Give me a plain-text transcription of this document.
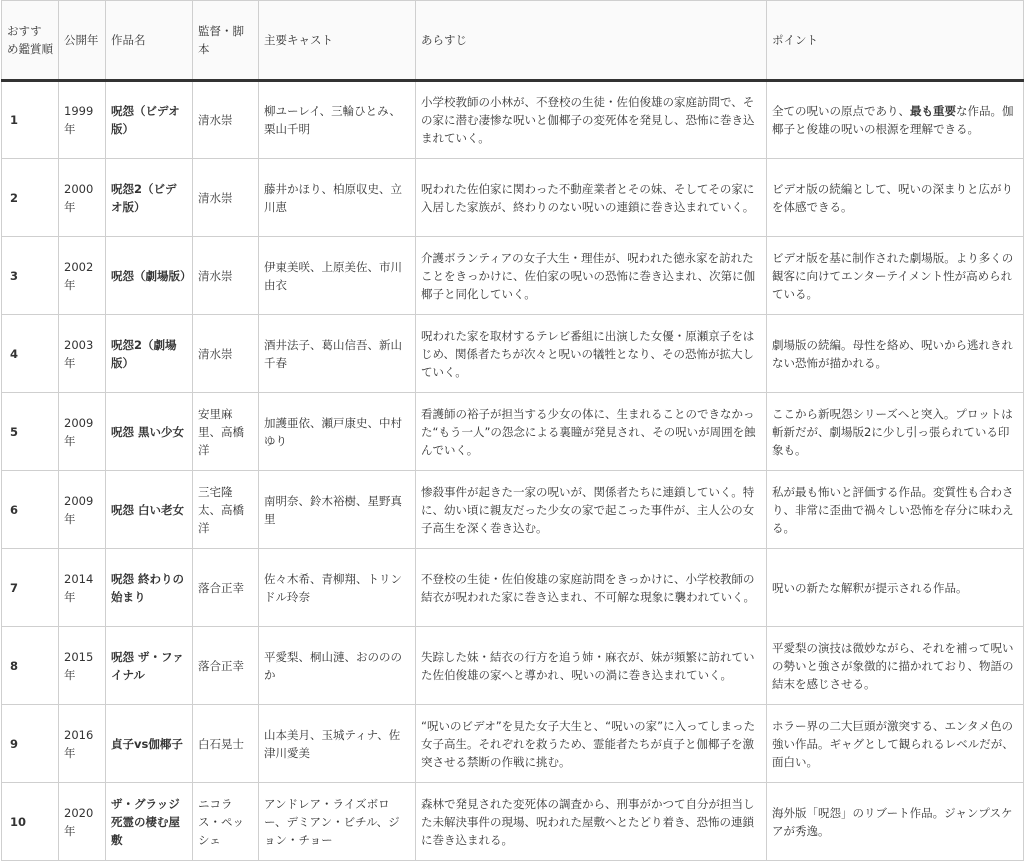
おすすめ鑑賞順	公開年	作品名	監督・脚本	主要キャスト	あらすじ	ポイント
1	1999年	呪怨（ビデオ版）	清水崇	柳ユーレイ、三輪ひとみ、栗山千明	小学校教師の小林が、不登校の生徒・佐伯俊雄の家庭訪問で、その家に潜む凄惨な呪いと伽椰子の変死体を発見し、恐怖に巻き込まれていく。	全ての呪いの原点であり、最も重要な作品。伽椰子と俊雄の呪いの根源を理解できる。
2	2000年	呪怨2（ビデオ版）	清水崇	藤井かほり、柏原収史、立川恵	呪われた佐伯家に関わった不動産業者とその妹、そしてその家に入居した家族が、終わりのない呪いの連鎖に巻き込まれていく。	ビデオ版の続編として、呪いの深まりと広がりを体感できる。
3	2002年	呪怨（劇場版）	清水崇	伊東美咲、上原美佐、市川由衣	介護ボランティアの女子大生・理佳が、呪われた徳永家を訪れたことをきっかけに、佐伯家の呪いの恐怖に巻き込まれ、次第に伽椰子と同化していく。	ビデオ版を基に制作された劇場版。より多くの観客に向けてエンターテイメント性が高められている。
4	2003年	呪怨2（劇場版）	清水崇	酒井法子、葛山信吾、新山千春	呪われた家を取材するテレビ番組に出演した女優・原瀬京子をはじめ、関係者たちが次々と呪いの犠牲となり、その恐怖が拡大していく。	劇場版の続編。母性を絡め、呪いから逃れきれない恐怖が描かれる。
5	2009年	呪怨 黒い少女	安里麻里、高橋洋	加護亜依、瀬戸康史、中村ゆり	看護師の裕子が担当する少女の体に、生まれることのできなかった“もう一人”の怨念による裏瞳が発見され、その呪いが周囲を蝕んでいく。	ここから新呪怨シリーズへと突入。プロットは斬新だが、劇場版2に少し引っ張られている印象も。
6	2009年	呪怨 白い老女	三宅隆太、高橋洋	南明奈、鈴木裕樹、星野真里	惨殺事件が起きた一家の呪いが、関係者たちに連鎖していく。特に、幼い頃に親友だった少女の家で起こった事件が、主人公の女子高生を深く巻き込む。	私が最も怖いと評価する作品。変質性も合わさり、非常に歪曲で禍々しい恐怖を存分に味わえる。
7	2014年	呪怨 終わりの始まり	落合正幸	佐々木希、青柳翔、トリンドル玲奈	不登校の生徒・佐伯俊雄の家庭訪問をきっかけに、小学校教師の結衣が呪われた家に巻き込まれ、不可解な現象に襲われていく。	呪いの新たな解釈が提示される作品。
8	2015年	呪怨 ザ・ファイナル	落合正幸	平愛梨、桐山漣、おのののか	失踪した妹・結衣の行方を追う姉・麻衣が、妹が頻繁に訪れていた佐伯俊雄の家へと導かれ、呪いの渦に巻き込まれていく。	平愛梨の演技は微妙ながら、それを補って呪いの勢いと強さが象徴的に描かれており、物語の結末を感じさせる。
9	2016年	貞子vs伽椰子	白石晃士	山本美月、玉城ティナ、佐津川愛美	“呪いのビデオ”を見た女子大生と、“呪いの家”に入ってしまった女子高生。それぞれを救うため、霊能者たちが貞子と伽椰子を激突させる禁断の作戦に挑む。	ホラー界の二大巨頭が激突する、エンタメ色の強い作品。ギャグとして観られるレベルだが、面白い。
10	2020年	ザ・グラッジ 死霊の棲む屋敷	ニコラス・ペッシェ	アンドレア・ライズボロー、デミアン・ビチル、ジョン・チョー	森林で発見された変死体の調査から、刑事がかつて自分が担当した未解決事件の現場、呪われた屋敷へとたどり着き、恐怖の連鎖に巻き込まれる。	海外版「呪怨」のリブート作品。ジャンプスケアが秀逸。
